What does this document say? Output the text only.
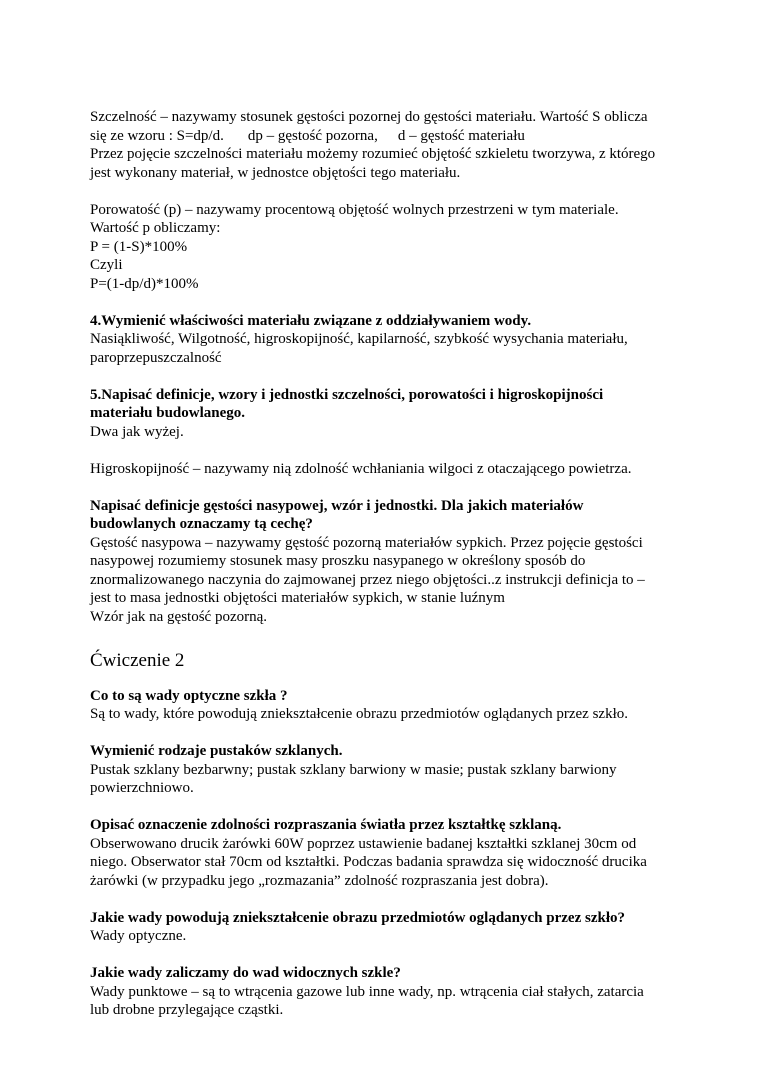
Szczelność – nazywamy stosunek gęstości pozornej do gęstości materiału. Wartość S oblicza
się ze wzoru : S=dp/d. dp – gęstość pozorna, d – gęstość materiału
Przez pojęcie szczelności materiału możemy rozumieć objętość szkieletu tworzywa, z którego
jest wykonany materiał, w jednostce objętości tego materiału.
Porowatość (p) – nazywamy procentową objętość wolnych przestrzeni w tym materiale.
Wartość p obliczamy:
P = (1-S)*100%
Czyli
P=(1-dp/d)*100%
4.Wymienić właściwości materiału związane z oddziaływaniem wody.
Nasiąkliwość, Wilgotność, higroskopijność, kapilarność, szybkość wysychania materiału,
paroprzepuszczalność
5.Napisać definicje, wzory i jednostki szczelności, porowatości i higroskopijności
materiału budowlanego.
Dwa jak wyżej.
Higroskopijność – nazywamy nią zdolność wchłaniania wilgoci z otaczającego powietrza.
Napisać definicje gęstości nasypowej, wzór i jednostki. Dla jakich materiałów
budowlanych oznaczamy tą cechę?
Gęstość nasypowa – nazywamy gęstość pozorną materiałów sypkich. Przez pojęcie gęstości
nasypowej rozumiemy stosunek masy proszku nasypanego w określony sposób do
znormalizowanego naczynia do zajmowanej przez niego objętości..z instrukcji definicja to –
jest to masa jednostki objętości materiałów sypkich, w stanie luźnym
Wzór jak na gęstość pozorną.
Ćwiczenie 2
Co to są wady optyczne szkła ?
Są to wady, które powodują zniekształcenie obrazu przedmiotów oglądanych przez szkło.
Wymienić rodzaje pustaków szklanych.
Pustak szklany bezbarwny; pustak szklany barwiony w masie; pustak szklany barwiony
powierzchniowo.
Opisać oznaczenie zdolności rozpraszania światła przez kształtkę szklaną.
Obserwowano drucik żarówki 60W poprzez ustawienie badanej kształtki szklanej 30cm od
niego. Obserwator stał 70cm od kształtki. Podczas badania sprawdza się widoczność drucika
żarówki (w przypadku jego „rozmazania” zdolność rozpraszania jest dobra).
Jakie wady powodują zniekształcenie obrazu przedmiotów oglądanych przez szkło?
Wady optyczne.
Jakie wady zaliczamy do wad widocznych szkle?
Wady punktowe – są to wtrącenia gazowe lub inne wady, np. wtrącenia ciał stałych, zatarcia
lub drobne przylegające cząstki.
